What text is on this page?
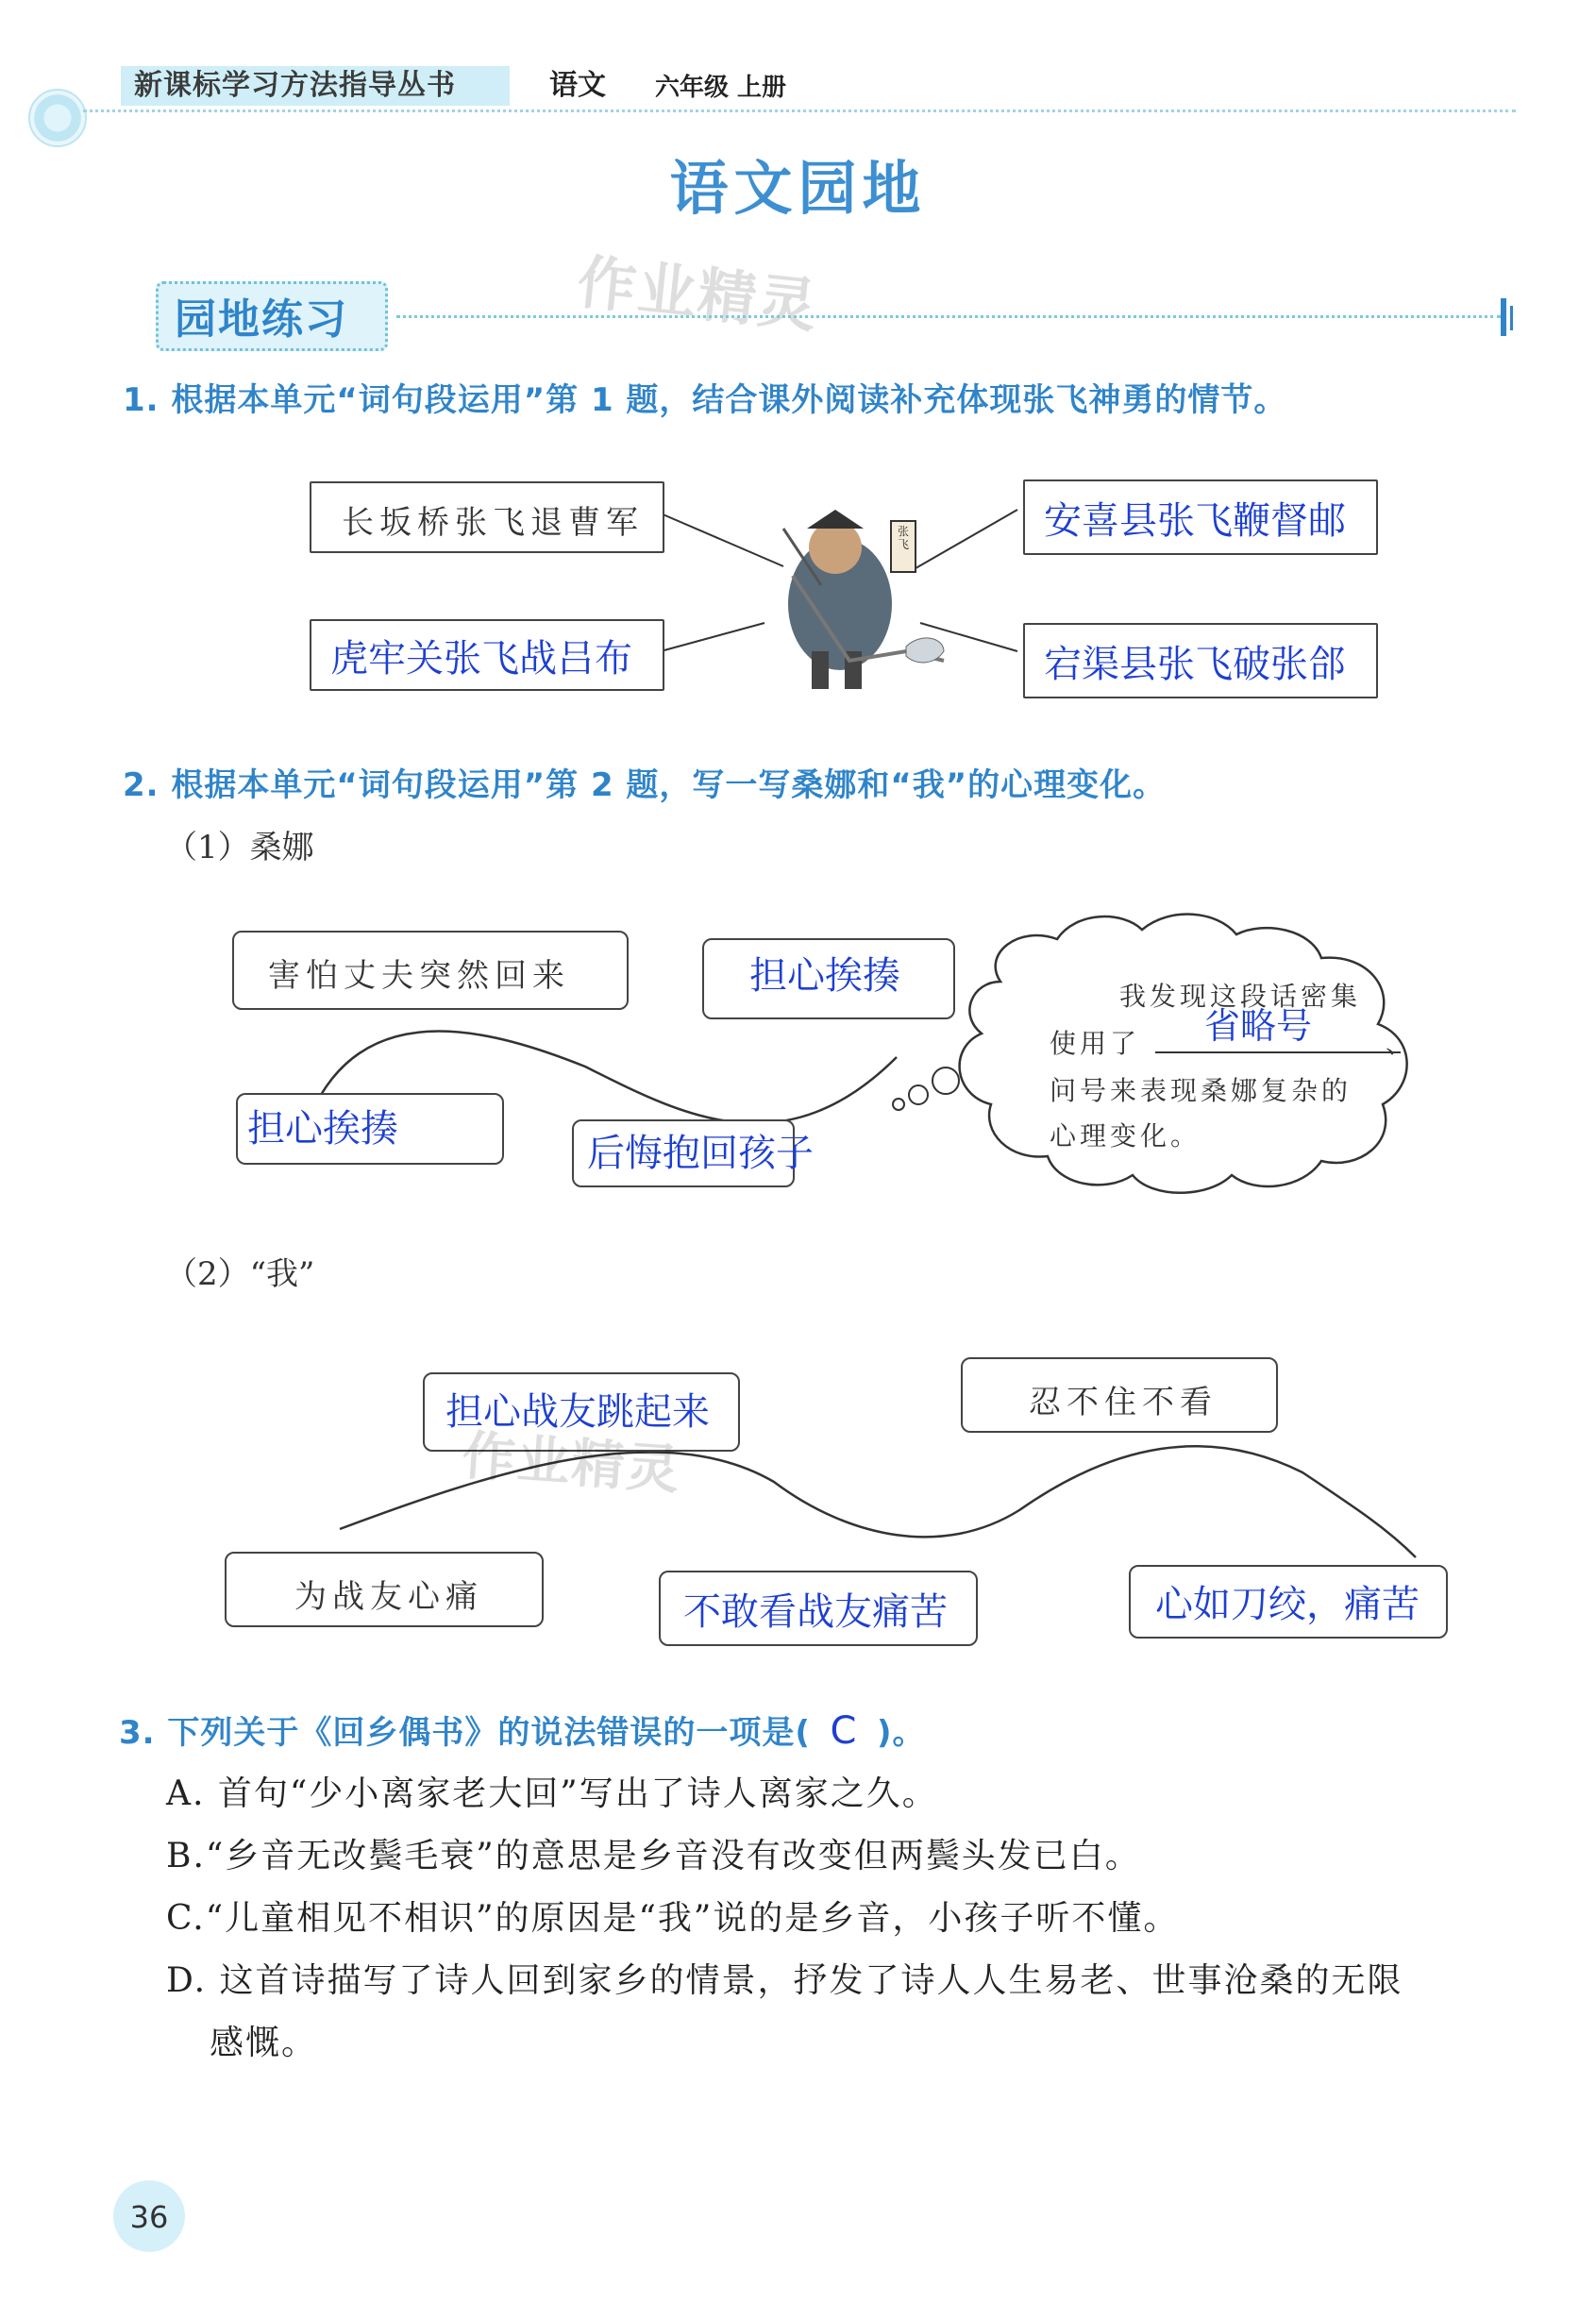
新课标学习方法指导丛书	语文 六年级 上册
语文园地
作业精灵
园地练习
1. 根据本单元“词句段运用”第 1 题，结合课外阅读补充体现张飞神勇的情节。
张飞
长坂桥张飞退曹军
虎牢关张飞战吕布
安喜县张飞鞭督邮
宕渠县张飞破张郃
2. 根据本单元“词句段运用”第 2 题，写一写桑娜和“我”的心理变化。
（1）桑娜
害怕丈夫突然回来	担心挨揍
担心挨揍
后悔抱回孩子
我发现这段话密集
使用了 省略号	、
问号来表现桑娜复杂的
心理变化。
（2）“我”
担心战友跳起来
作业精灵
忍不住不看
为战友心痛	不敢看战友痛苦	心如刀绞，痛苦
3. 下列关于《回乡偶书》的说法错误的一项是( C )。
A. 首句“少小离家老大回”写出了诗人离家之久。
B.“乡音无改鬓毛衰”的意思是乡音没有改变但两鬓头发已白。
C.“儿童相见不相识”的原因是“我”说的是乡音，小孩子听不懂。
D. 这首诗描写了诗人回到家乡的情景，抒发了诗人人生易老、世事沧桑的无限
感慨。
36
